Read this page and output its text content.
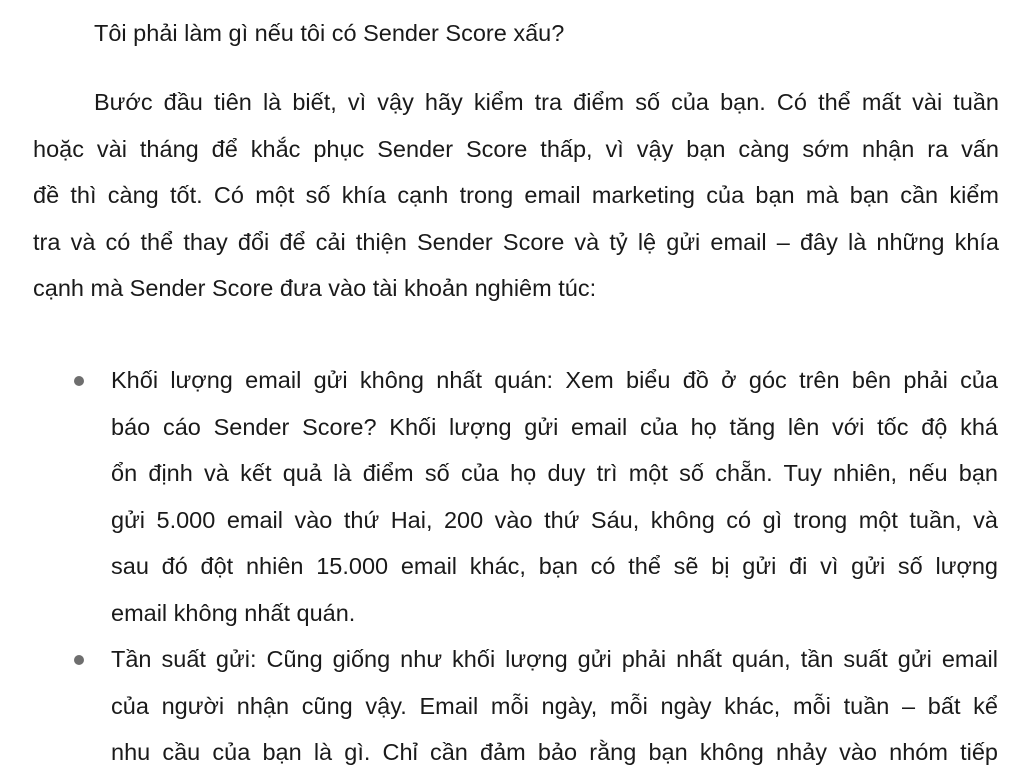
Tôi phải làm gì nếu tôi có Sender Score xấu?

Bước đầu tiên là biết, vì vậy hãy kiểm tra điểm số của bạn. Có thể mất vài tuần
hoặc vài tháng để khắc phục Sender Score thấp, vì vậy bạn càng sớm nhận ra vấn
đề thì càng tốt. Có một số khía cạnh trong email marketing của bạn mà bạn cần kiểm
tra và có thể thay đổi để cải thiện Sender Score và tỷ lệ gửi email – đây là những khía
cạnh mà Sender Score đưa vào tài khoản nghiêm túc:

Khối lượng email gửi không nhất quán: Xem biểu đồ ở góc trên bên phải của
báo cáo Sender Score? Khối lượng gửi email của họ tăng lên với tốc độ khá
ổn định và kết quả là điểm số của họ duy trì một số chẵn. Tuy nhiên, nếu bạn
gửi 5.000 email vào thứ Hai, 200 vào thứ Sáu, không có gì trong một tuần, và
sau đó đột nhiên 15.000 email khác, bạn có thể sẽ bị gửi đi vì gửi số lượng
email không nhất quán.
Tần suất gửi: Cũng giống như khối lượng gửi phải nhất quán, tần suất gửi email
của người nhận cũng vậy. Email mỗi ngày, mỗi ngày khác, mỗi tuần – bất kể
nhu cầu của bạn là gì. Chỉ cần đảm bảo rằng bạn không nhảy vào nhóm tiếp
